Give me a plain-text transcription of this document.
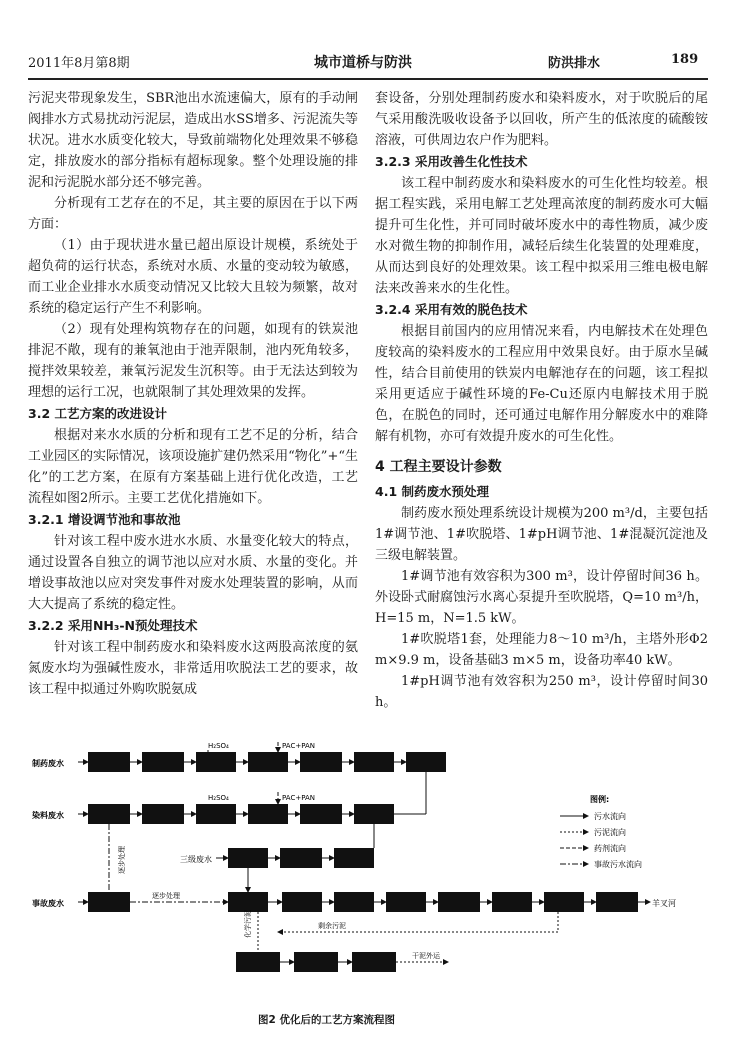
2011年8月第8期	城市道桥与防洪	防洪排水	189

污泥夹带现象发生，SBR池出水流速偏大，原有的手动闸阀排水方式易扰动污泥层，造成出水SS增多、污泥流失等状况。进水水质变化较大，导致前端物化处理效果不够稳定，排放废水的部分指标有超标现象。整个处理设施的排泥和污泥脱水部分还不够完善。

分析现有工艺存在的不足，其主要的原因在于以下两方面：

（1）由于现状进水量已超出原设计规模，系统处于超负荷的运行状态，系统对水质、水量的变动较为敏感，而工业企业排水水质变动情况又比较大且较为频繁，故对系统的稳定运行产生不利影响。

（2）现有处理构筑物存在的问题，如现有的铁炭池排泥不敞，现有的兼氧池由于池弄限制，池内死角较多，搅拌效果较差，兼氧污泥发生沉积等。由于无法达到较为理想的运行工况，也就限制了其处理效果的发挥。

3.2 工艺方案的改进设计

根据对来水水质的分析和现有工艺不足的分析，结合工业园区的实际情况，该项设施扩建仍然采用“物化”+“生化”的工艺方案，在原有方案基础上进行优化改造，工艺流程如图2所示。主要工艺优化措施如下。

3.2.1 增设调节池和事故池

针对该工程中废水进水水质、水量变化较大的特点，通过设置各自独立的调节池以应对水质、水量的变化。并增设事故池以应对突发事件对废水处理装置的影响，从而大大提高了系统的稳定性。

3.2.2 采用NH₃-N预处理技术

针对该工程中制药废水和染料废水这两股高浓度的氨氮废水均为强碱性废水，非常适用吹脱法工艺的要求，故该工程中拟通过外购吹脱氨成

套设备，分别处理制药废水和染料废水，对于吹脱后的尾气采用酸洗吸收设备予以回收，所产生的低浓度的硫酸铵溶液，可供周边农户作为肥料。

3.2.3 采用改善生化性技术

该工程中制药废水和染料废水的可生化性均较差。根据工程实践，采用电解工艺处理高浓度的制药废水可大幅提升可生化性，并可同时破坏废水中的毒性物质，减少废水对微生物的抑制作用，减轻后续生化装置的处理难度，从而达到良好的处理效果。该工程中拟采用三维电极电解法来改善来水的生化性。

3.2.4 采用有效的脱色技术

根据目前国内的应用情况来看，内电解技术在处理色度较高的染料废水的工程应用中效果良好。由于原水呈碱性，结合目前使用的铁炭内电解池存在的问题，该工程拟采用更适应于碱性环境的Fe-Cu还原内电解技术用于脱色，在脱色的同时，还可通过电解作用分解废水中的难降解有机物，亦可有效提升废水的可生化性。

4 工程主要设计参数
4.1 制药废水预处理

制药废水预处理系统设计规模为200 m³/d，主要包括1#调节池、1#吹脱塔、1#pH调节池、1#混凝沉淀池及三级电解装置。

1#调节池有效容积为300 m³，设计停留时间36 h。外设卧式耐腐蚀污水离心泵提升至吹脱塔，Q=10 m³/h，H=15 m，N=1.5 kW。

1#吹脱塔1套，处理能力8～10 m³/h，主塔外形Φ2 m×9.9 m，设备基础3 m×5 m，设备功率40 kW。

1#pH调节池有效容积为250 m³，设计停留时间30 h。

制药废水
H₂SO₄	PAC+PAN
染料废水
H₂SO₄	PAC+PAN
三级废水
事故废水
逐步处理
逐步处理
羊叉河
化学污泥	剩余污泥
干泥外运
图例:
污水流向
污泥流向
药剂流向
事故污水流向
图2 优化后的工艺方案流程图
